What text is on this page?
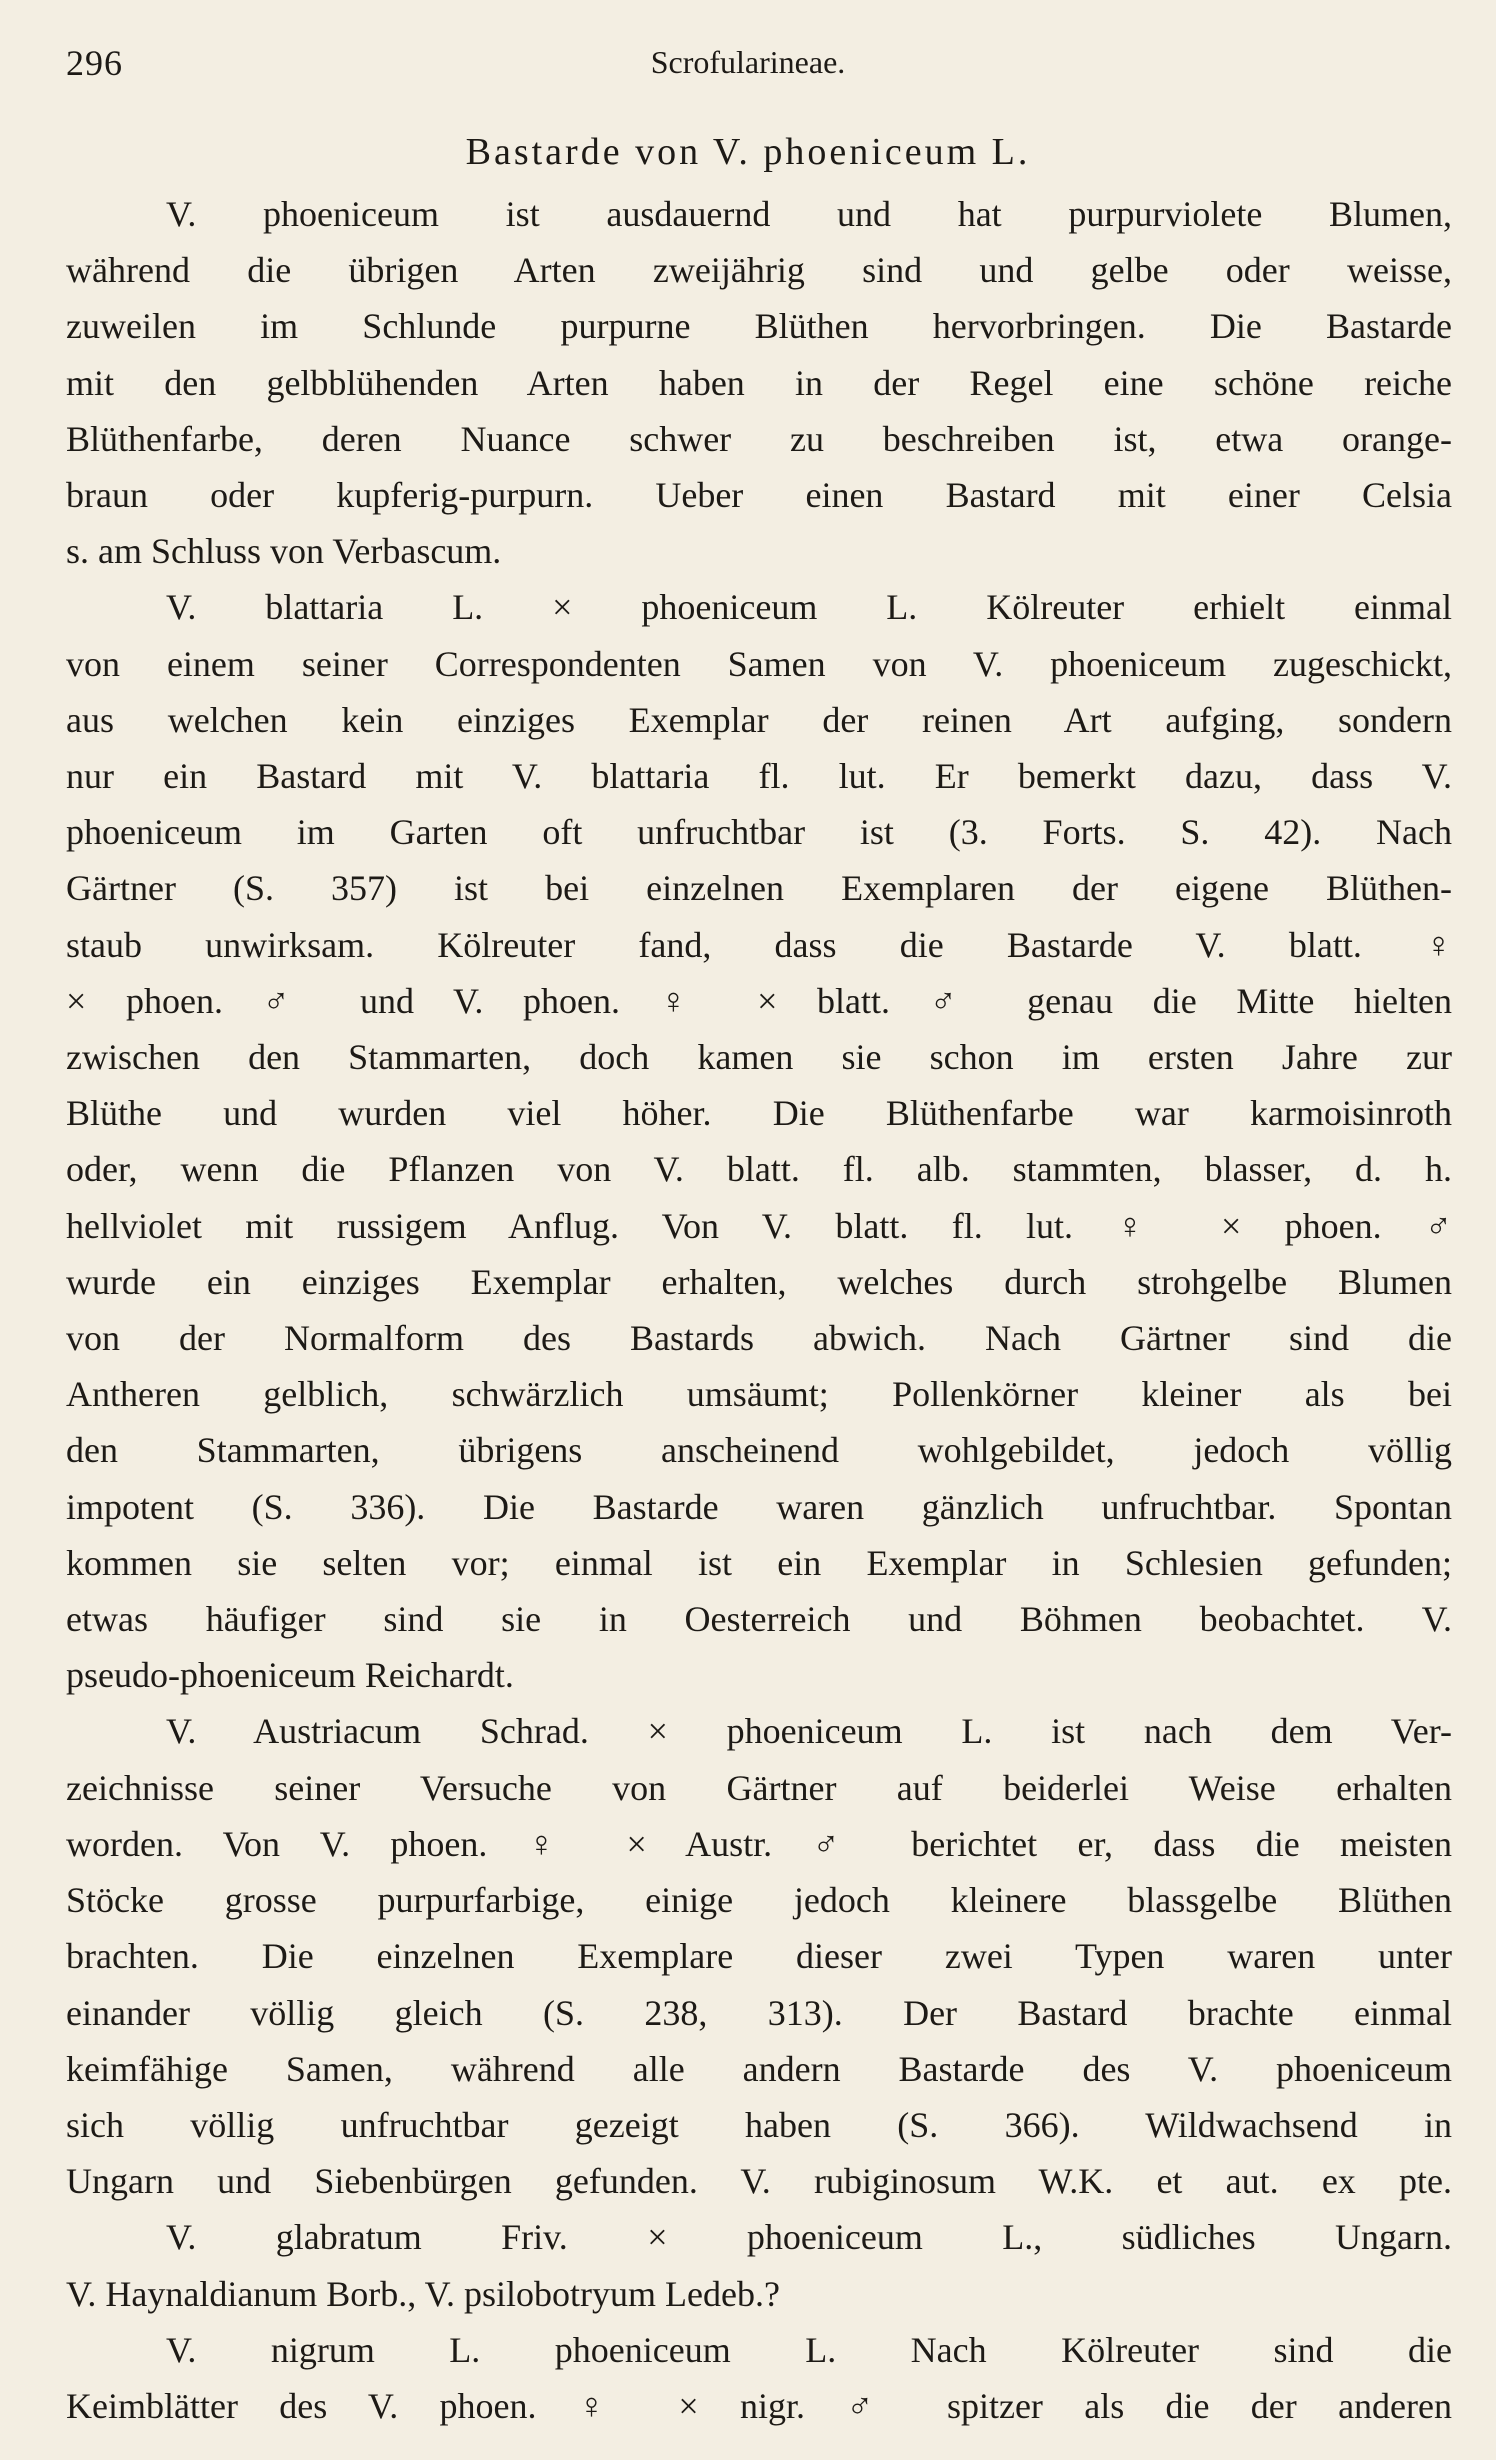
296	Scrofularineae.
Bastarde von V. phoeniceum L.
V. phoeniceum ist ausdauernd und hat purpurviolete Blumen,
während die übrigen Arten zweijährig sind und gelbe oder weisse,
zuweilen im Schlunde purpurne Blüthen hervorbringen. Die Bastarde
mit den gelbblühenden Arten haben in der Regel eine schöne reiche
Blüthenfarbe, deren Nuance schwer zu beschreiben ist, etwa orange-
braun oder kupferig-purpurn. Ueber einen Bastard mit einer Celsia
s. am Schluss von Verbascum.
V. blattaria L. × phoeniceum L. Kölreuter erhielt einmal
von einem seiner Correspondenten Samen von V. phoeniceum zugeschickt,
aus welchen kein einziges Exemplar der reinen Art aufging, sondern
nur ein Bastard mit V. blattaria fl. lut. Er bemerkt dazu, dass V.
phoeniceum im Garten oft unfruchtbar ist (3. Forts. S. 42). Nach
Gärtner (S. 357) ist bei einzelnen Exemplaren der eigene Blüthen-
staub unwirksam. Kölreuter fand, dass die Bastarde V. blatt. ♀
× phoen. ♂ und V. phoen. ♀ × blatt. ♂ genau die Mitte hielten
zwischen den Stammarten, doch kamen sie schon im ersten Jahre zur
Blüthe und wurden viel höher. Die Blüthenfarbe war karmoisinroth
oder, wenn die Pflanzen von V. blatt. fl. alb. stammten, blasser, d. h.
hellviolet mit russigem Anflug. Von V. blatt. fl. lut. ♀ × phoen. ♂
wurde ein einziges Exemplar erhalten, welches durch strohgelbe Blumen
von der Normalform des Bastards abwich. Nach Gärtner sind die
Antheren gelblich, schwärzlich umsäumt; Pollenkörner kleiner als bei
den Stammarten, übrigens anscheinend wohlgebildet, jedoch völlig
impotent (S. 336). Die Bastarde waren gänzlich unfruchtbar. Spontan
kommen sie selten vor; einmal ist ein Exemplar in Schlesien gefunden;
etwas häufiger sind sie in Oesterreich und Böhmen beobachtet. V.
pseudo-phoeniceum Reichardt.
V. Austriacum Schrad. × phoeniceum L. ist nach dem Ver-
zeichnisse seiner Versuche von Gärtner auf beiderlei Weise erhalten
worden. Von V. phoen. ♀ × Austr. ♂ berichtet er, dass die meisten
Stöcke grosse purpurfarbige, einige jedoch kleinere blassgelbe Blüthen
brachten. Die einzelnen Exemplare dieser zwei Typen waren unter
einander völlig gleich (S. 238, 313). Der Bastard brachte einmal
keimfähige Samen, während alle andern Bastarde des V. phoeniceum
sich völlig unfruchtbar gezeigt haben (S. 366). Wildwachsend in
Ungarn und Siebenbürgen gefunden. V. rubiginosum W.K. et aut. ex pte.
V. glabratum Friv. × phoeniceum L., südliches Ungarn.
V. Haynaldianum Borb., V. psilobotryum Ledeb.?
V. nigrum L. phoeniceum L. Nach Kölreuter sind die
Keimblätter des V. phoen. ♀ × nigr. ♂ spitzer als die der anderen
